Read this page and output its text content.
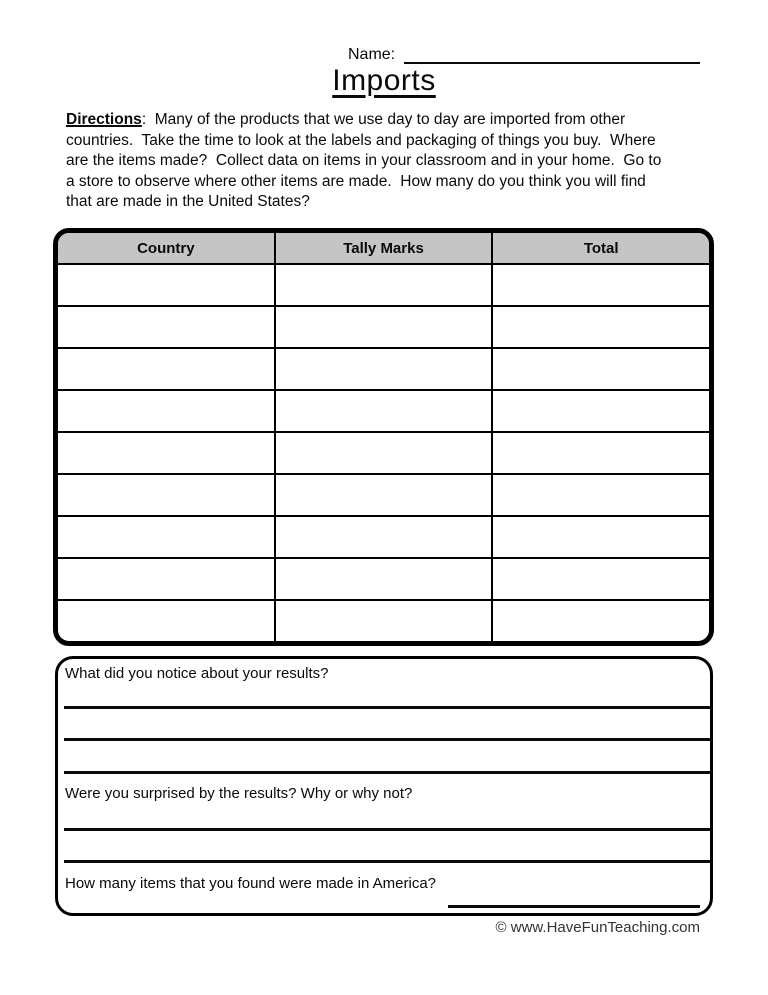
Name:
Imports
Directions:  Many of the products that we use day to day are imported from other
countries.  Take the time to look at the labels and packaging of things you buy.  Where
are the items made?  Collect data on items in your classroom and in your home.  Go to
a store to observe where other items are made.  How many do you think you will find
that are made in the United States?
Country	Tally Marks	Total
What did you notice about your results?
Were you surprised by the results? Why or why not?
How many items that you found were made in America?
© www.HaveFunTeaching.com
